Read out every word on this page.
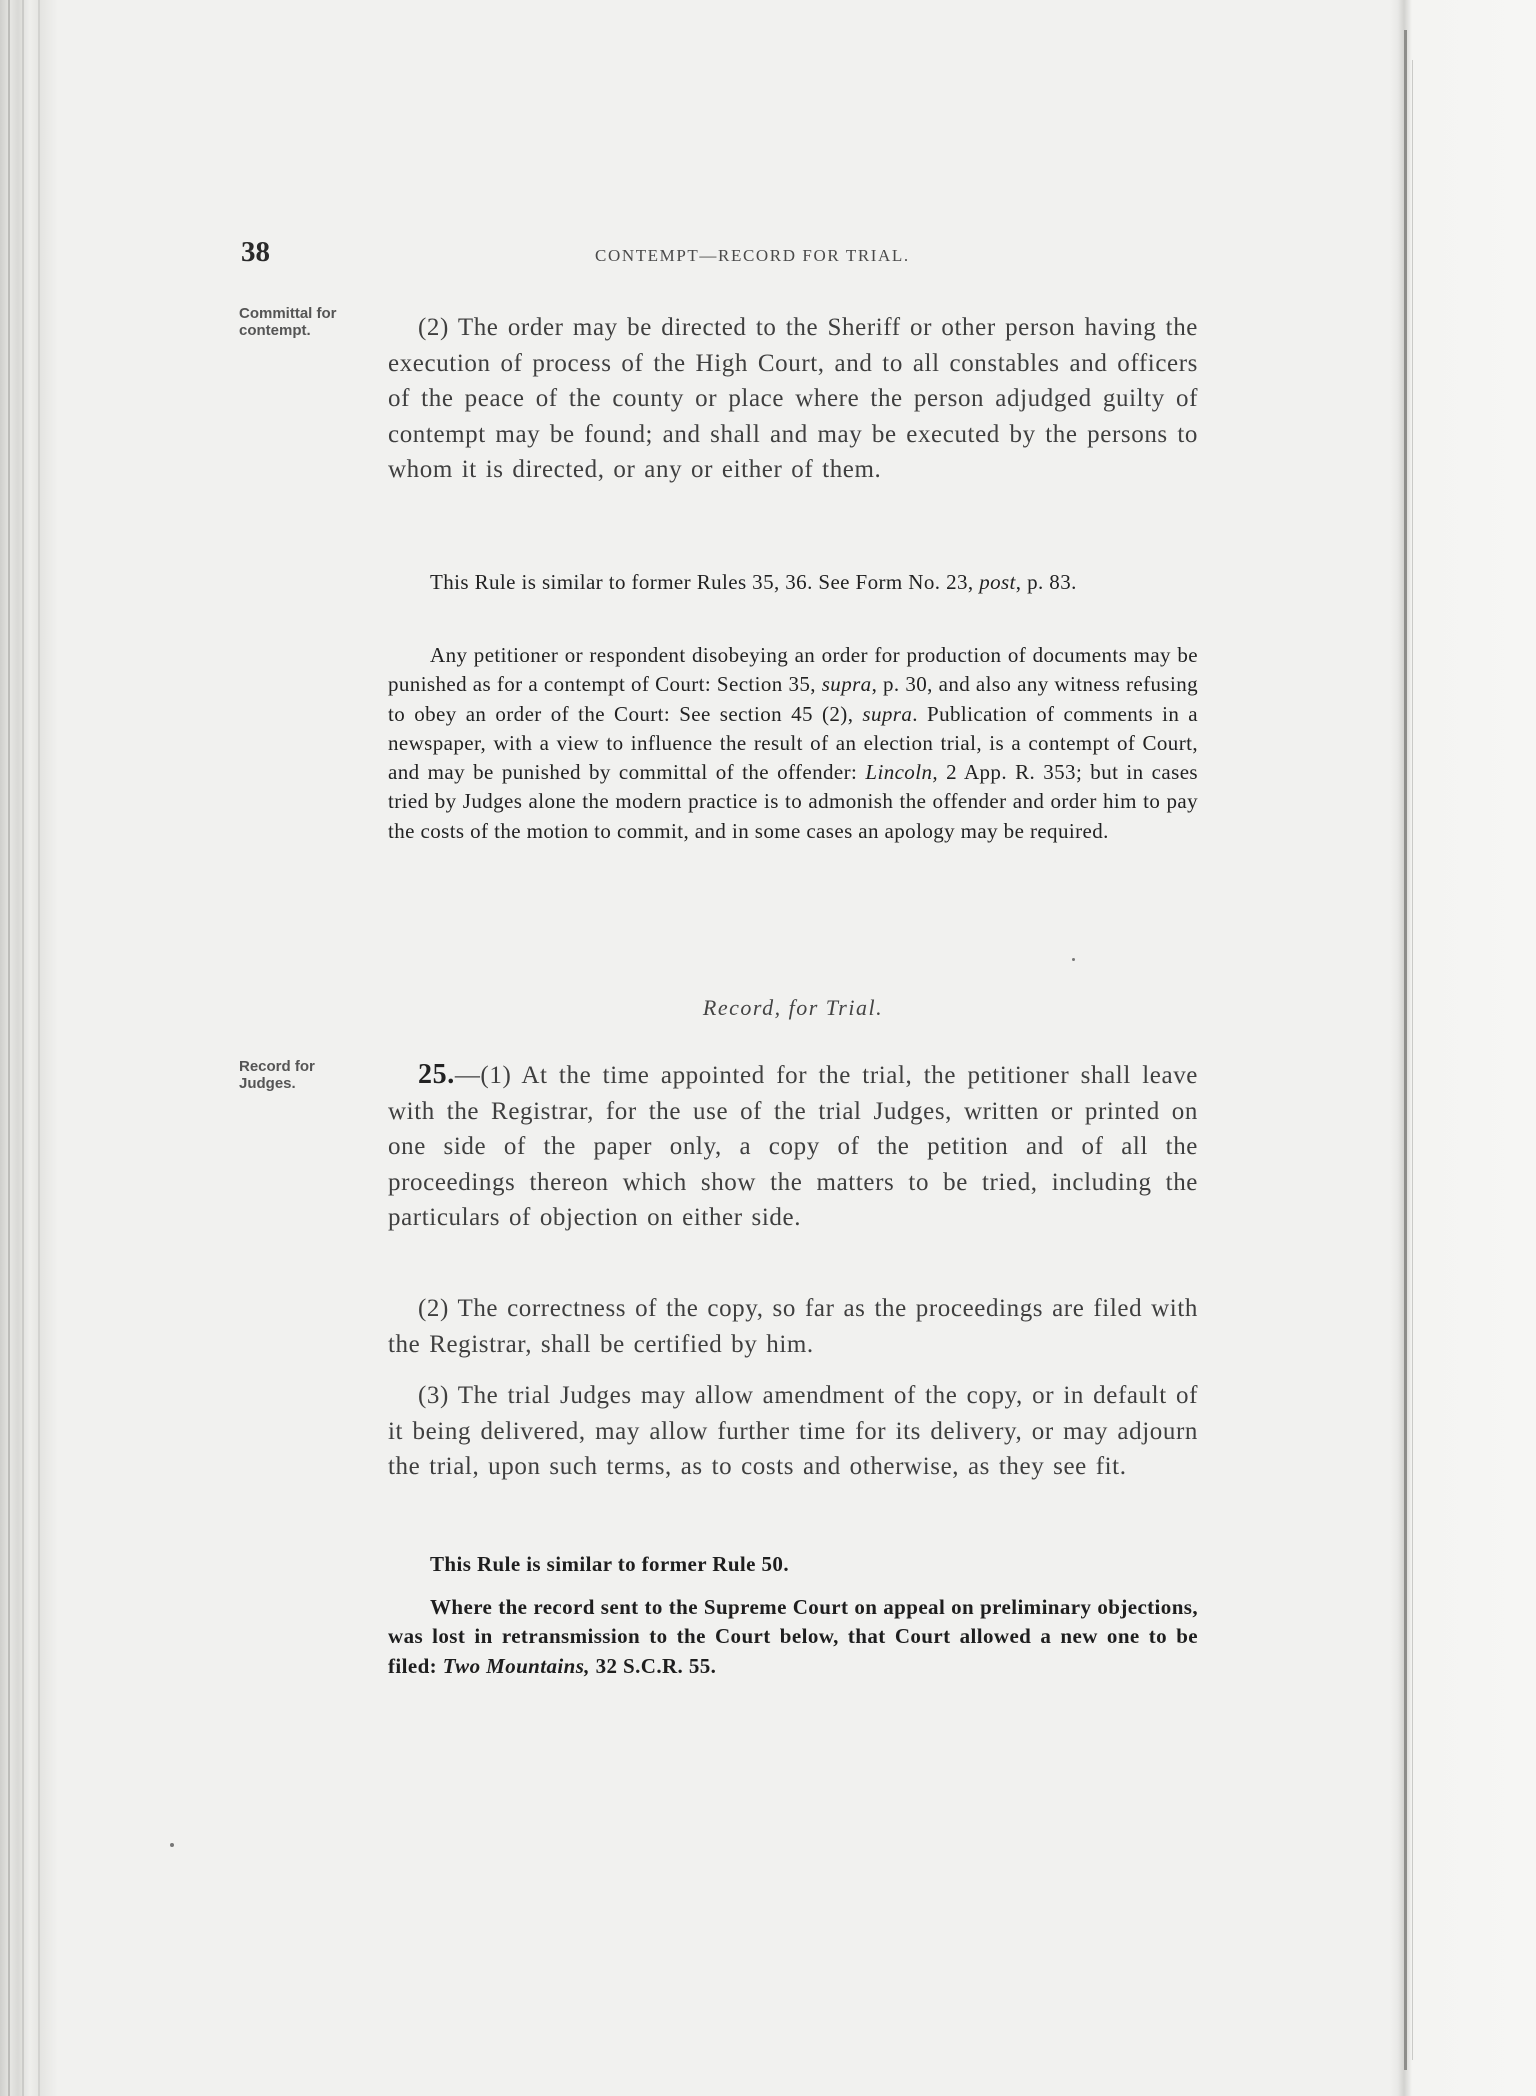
38	CONTEMPT—RECORD FOR TRIAL.
Committal for contempt.	(2) The order may be directed to the Sheriff or other person having the execution of process of the High Court, and to all constables and officers of the peace of the county or place where the person adjudged guilty of contempt may be found; and shall and may be executed by the persons to whom it is directed, or any or either of them.
This Rule is similar to former Rules 35, 36. See Form No. 23, post, p. 83.
Any petitioner or respondent disobeying an order for production of documents may be punished as for a contempt of Court: Section 35, supra, p. 30, and also any witness refusing to obey an order of the Court: See section 45 (2), supra. Publication of comments in a newspaper, with a view to influence the result of an election trial, is a contempt of Court, and may be punished by committal of the offender: Lincoln, 2 App. R. 353; but in cases tried by Judges alone the modern practice is to admonish the offender and order him to pay the costs of the motion to commit, and in some cases an apology may be required.
Record, for Trial.
Record for Judges.	25.—(1) At the time appointed for the trial, the petitioner shall leave with the Registrar, for the use of the trial Judges, written or printed on one side of the paper only, a copy of the petition and of all the proceedings thereon which show the matters to be tried, including the particulars of objection on either side.
(2) The correctness of the copy, so far as the proceedings are filed with the Registrar, shall be certified by him.
(3) The trial Judges may allow amendment of the copy, or in default of it being delivered, may allow further time for its delivery, or may adjourn the trial, upon such terms, as to costs and otherwise, as they see fit.
This Rule is similar to former Rule 50.
Where the record sent to the Supreme Court on appeal on preliminary objections, was lost in retransmission to the Court below, that Court allowed a new one to be filed: Two Mountains, 32 S.C.R. 55.
